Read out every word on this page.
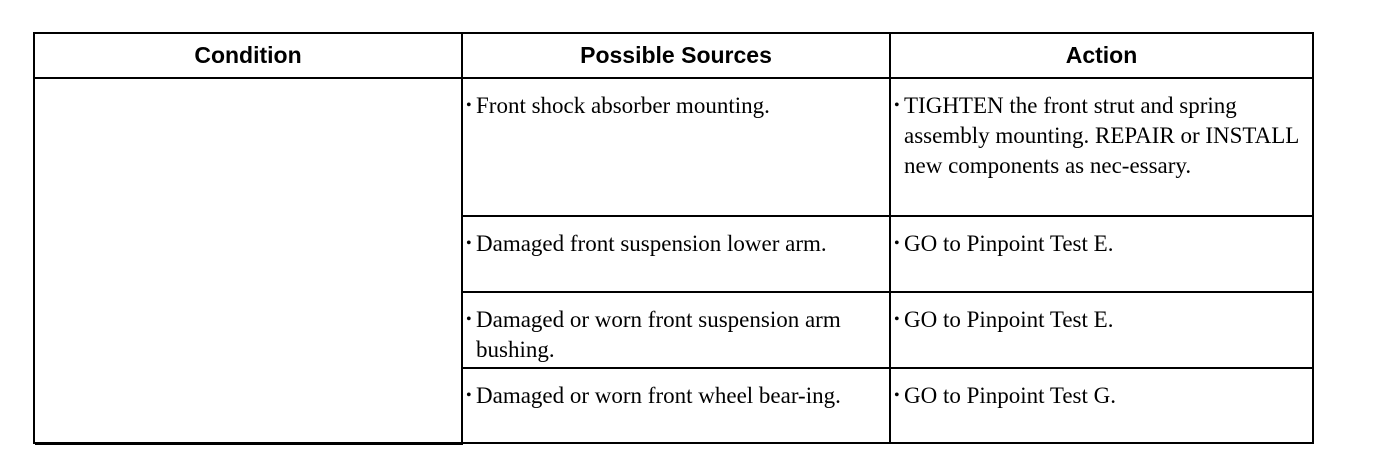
Condition	Possible Sources	Action

	• Front shock absorber mounting.	• TIGHTEN the front strut and spring assembly mounting. REPAIR or INSTALL new components as nec-essary.

	• Damaged front suspension lower arm.	• GO to Pinpoint Test E.

	• Damaged or worn front suspension arm bushing.	• GO to Pinpoint Test E.

	• Damaged or worn front wheel bear-ing.	• GO to Pinpoint Test G.
